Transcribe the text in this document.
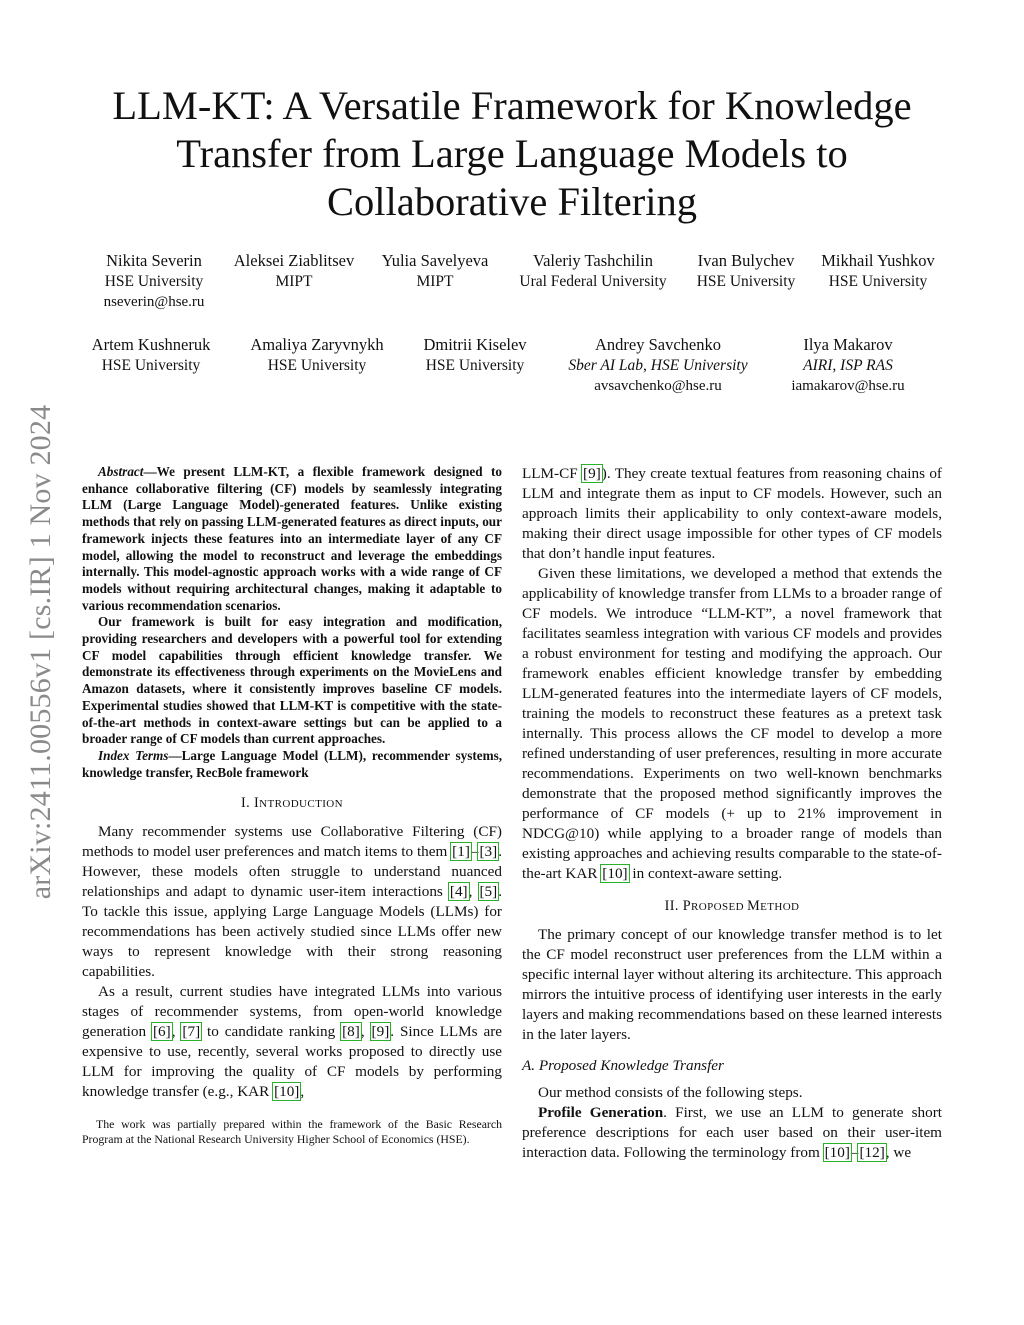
arXiv:2411.00556v1 [cs.IR] 1 Nov 2024
LLM-KT: A Versatile Framework for Knowledge
Transfer from Large Language Models to
Collaborative Filtering
Nikita Severin
HSE University
nseverin@hse.ru
Aleksei Ziablitsev
MIPT
Yulia Savelyeva
MIPT
Valeriy Tashchilin
Ural Federal University
Ivan Bulychev
HSE University
Mikhail Yushkov
HSE University
Artem Kushneruk
HSE University
Amaliya Zaryvnykh
HSE University
Dmitrii Kiselev
HSE University
Andrey Savchenko
Sber AI Lab, HSE University
avsavchenko@hse.ru
Ilya Makarov
AIRI, ISP RAS
iamakarov@hse.ru

Abstract—We present LLM-KT, a flexible framework designed to enhance collaborative filtering (CF) models by seamlessly integrating LLM (Large Language Model)-generated features. Unlike existing methods that rely on passing LLM-generated features as direct inputs, our framework injects these features into an intermediate layer of any CF model, allowing the model to reconstruct and leverage the embeddings internally. This model-agnostic approach works with a wide range of CF models without requiring architectural changes, making it adaptable to various recommendation scenarios.

Our framework is built for easy integration and modification, providing researchers and developers with a powerful tool for extending CF model capabilities through efficient knowledge transfer. We demonstrate its effectiveness through experiments on the MovieLens and Amazon datasets, where it consistently improves baseline CF models. Experimental studies showed that LLM-KT is competitive with the state-of-the-art methods in context-aware settings but can be applied to a broader range of CF models than current approaches.

Index Terms—Large Language Model (LLM), recommender systems, knowledge transfer, RecBole framework

I. INTRODUCTION

Many recommender systems use Collaborative Filtering (CF) methods to model user preferences and match items to them [1]–[3]. However, these models often struggle to understand nuanced relationships and adapt to dynamic user-item interactions [4], [5]. To tackle this issue, applying Large Language Models (LLMs) for recommendations has been actively studied since LLMs offer new ways to represent knowledge with their strong reasoning capabilities.

As a result, current studies have integrated LLMs into various stages of recommender systems, from open-world knowledge generation [6], [7] to candidate ranking [8], [9]. Since LLMs are expensive to use, recently, several works proposed to directly use LLM for improving the quality of CF models by performing knowledge transfer (e.g., KAR [10],

The work was partially prepared within the framework of the Basic Research Program at the National Research University Higher School of Economics (HSE).

LLM-CF [9]). They create textual features from reasoning chains of LLM and integrate them as input to CF models. However, such an approach limits their applicability to only context-aware models, making their direct usage impossible for other types of CF models that don’t handle input features.

Given these limitations, we developed a method that extends the applicability of knowledge transfer from LLMs to a broader range of CF models. We introduce “LLM-KT”, a novel framework that facilitates seamless integration with various CF models and provides a robust environment for testing and modifying the approach. Our framework enables efficient knowledge transfer by embedding LLM-generated features into the intermediate layers of CF models, training the models to reconstruct these features as a pretext task internally. This process allows the CF model to develop a more refined understanding of user preferences, resulting in more accurate recommendations. Experiments on two well-known benchmarks demonstrate that the proposed method significantly improves the performance of CF models (+ up to 21% improvement in NDCG@10) while applying to a broader range of models than existing approaches and achieving results comparable to the state-of-the-art KAR [10] in context-aware setting.

II. PROPOSED METHOD

The primary concept of our knowledge transfer method is to let the CF model reconstruct user preferences from the LLM within a specific internal layer without altering its architecture. This approach mirrors the intuitive process of identifying user interests in the early layers and making recommendations based on these learned interests in the later layers.

A. Proposed Knowledge Transfer

Our method consists of the following steps.

Profile Generation. First, we use an LLM to generate short preference descriptions for each user based on their user-item interaction data. Following the terminology from [10]–[12], we
